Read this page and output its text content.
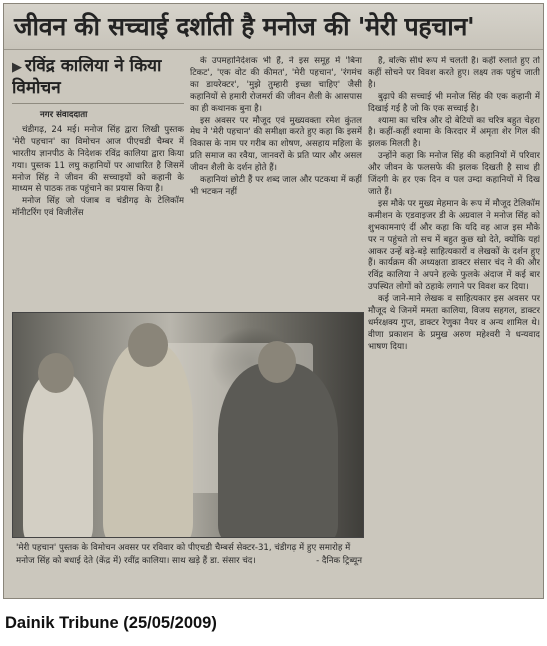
जीवन की सच्चाई दर्शाती है मनोज की 'मेरी पहचान'
▶ रविंद्र कालिया ने किया विमोचन

नगर संवाददाता

चंडीगढ़, 24 मई। मनोज सिंह द्वारा लिखी पुस्तक 'मेरी पहचान' का विमोचन आज पीएचडी चैम्बर में भारतीय ज्ञानपीठ के निदेशक रविंद्र कालिया द्वारा किया गया। पुस्तक 11 लघु कहानियों पर आधारित है जिसमें मनोज सिंह ने जीवन की सच्चाइयों को कहानी के माध्यम से पाठक तक पहुंचाने का प्रयास किया है।

मनोज सिंह जो पंजाब व चंडीगढ़ के टेलिकॉम मॉनीटरिंग एवं विजीलेंस

के उपमहानिदेशक भी हैं, ने इस समूह में 'बिना टिकट', 'एक वोट की कीमत', 'मेरी पहचान', 'रंगमंच का डायरेक्टर', 'मुझे तुम्हारी इच्छा चाहिए' जैसी कहानियों से हमारी रोजमर्रा की जीवन शैली के आसपास का ही कथानक बुना है।

इस अवसर पर मौजूद एवं मुख्यवक्ता रमेश कुंतल मेघ ने 'मेरी पहचान' की समीक्षा करते हुए कहा कि इसमें विकास के नाम पर गरीब का शोषण, असहाय महिला के प्रति समाज का रवैया, जानवरों के प्रति प्यार और असल जीवन शैली के दर्शन होते हैं।

कहानियां छोटी हैं पर शब्द जाल और पटकथा में कहीं भी भटकन नहीं

है, बल्कि सीधे रूप में चलती है। कहीं रुलाते हुए तो कहीं सोचने पर विवश करते हुए। लक्ष्य तक पहुंच जाती है।

बुढ़ापे की सच्चाई भी मनोज सिंह की एक कहानी में दिखाई गई है जो कि एक सच्चाई है।

श्यामा का चरित्र और दो बेटियों का चरित्र बहुत चेहरा है। कहीं-कहीं श्यामा के किरदार में अमृता शेर गिल की झलक मिलती है।

उन्होंने कहा कि मनोज सिंह की कहानियों में परिवार और जीवन के फलसफे की झलक दिखती है साथ ही जिंदगी के हर एक दिन व पल उम्दा कहानियों में दिख जाते हैं।

इस मौके पर मुख्य मेहमान के रूप में मौजूद टेलिकॉम कमीशन के एडवाइजर डी के अग्रवाल ने मनोज सिंह को शुभकामनाएं दीं और कहा कि यदि वह आज इस मौके पर न पहुंचते तो सच में बहुत कुछ खो देते, क्योंकि यहां आकर उन्हें बड़े-बड़े साहित्यकारों व लेखकों के दर्शन हुए हैं। कार्यक्रम की अध्यक्षता डाक्टर संसार चंद ने की और रविंद्र कालिया ने अपने हल्के फुलके अंदाज में कई बार उपस्थित लोगों को ठहाके लगाने पर विवश कर दिया।

कई जाने-माने लेखक व साहित्यकार इस अवसर पर मौजूद थे जिनमें ममता कालिया, विजय सहगल, डाक्टर धर्मरक्षक्य गुप्त, डाक्टर रेणुका नैयर व अन्य शामिल थे। वीणा प्रकाशन के प्रमुख अरुण महेश्वरी ने धन्यवाद भाषण दिया।

'मेरी पहचान' पुस्तक के विमोचन अवसर पर रविवार को पीएचडी चैम्बर्स सेक्टर-31, चंडीगढ़ में हुए समारोह में मनोज सिंह को बधाई देते (केंद्र में) रवींद्र कालिया। साथ खड़े हैं डा. संसार चंद।	- दैनिक ट्रिब्यून
Dainik Tribune (25/05/2009)
